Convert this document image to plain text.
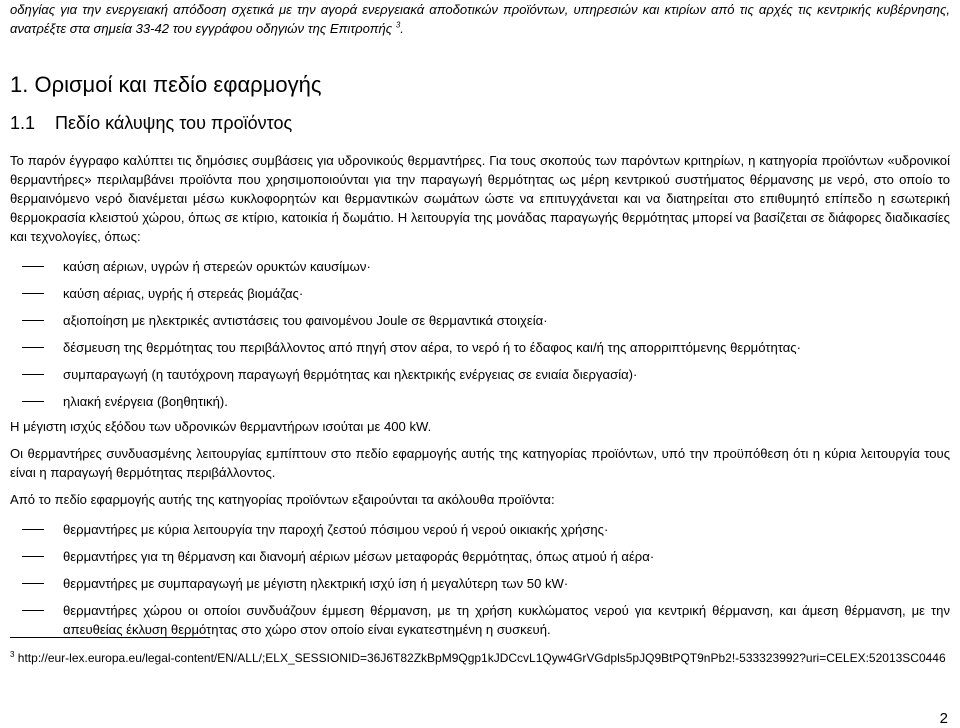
οδηγίας για την ενεργειακή απόδοση σχετικά με την αγορά ενεργειακά αποδοτικών προϊόντων, υπηρεσιών και κτιρίων από τις αρχές τις κεντρικής κυβέρνησης, ανατρέξτε στα σημεία 33-42 του εγγράφου οδηγιών της Επιτροπής $^3$.

1. Ορισμοί και πεδίο εφαρμογής
1.1    Πεδίο κάλυψης του προϊόντος

Το παρόν έγγραφο καλύπτει τις δημόσιες συμβάσεις για υδρονικούς θερμαντήρες. Για τους σκοπούς των παρόντων κριτηρίων, η κατηγορία προϊόντων «υδρονικοί θερμαντήρες» περιλαμβάνει προϊόντα που χρησιμοποιούνται για την παραγωγή θερμότητας ως μέρη κεντρικού συστήματος θέρμανσης με νερό, στο οποίο το θερμαινόμενο νερό διανέμεται μέσω κυκλοφορητών και θερμαντικών σωμάτων ώστε να επιτυγχάνεται και να διατηρείται στο επιθυμητό επίπεδο η εσωτερική θερμοκρασία κλειστού χώρου, όπως σε κτίριο, κατοικία ή δωμάτιο. Η λειτουργία της μονάδας παραγωγής θερμότητας μπορεί να βασίζεται σε διάφορες διαδικασίες και τεχνολογίες, όπως:

καύση αέριων, υγρών ή στερεών ορυκτών καυσίμων·
καύση αέριας, υγρής ή στερεάς βιομάζας·
αξιοποίηση με ηλεκτρικές αντιστάσεις του φαινομένου Joule σε θερμαντικά στοιχεία·
δέσμευση της θερμότητας του περιβάλλοντος από πηγή στον αέρα, το νερό ή το έδαφος και/ή της απορριπτόμενης θερμότητας·
συμπαραγωγή (η ταυτόχρονη παραγωγή θερμότητας και ηλεκτρικής ενέργειας σε ενιαία διεργασία)·
ηλιακή ενέργεια (βοηθητική).

Η μέγιστη ισχύς εξόδου των υδρονικών θερμαντήρων ισούται με 400 kW.

Οι θερμαντήρες συνδυασμένης λειτουργίας εμπίπτουν στο πεδίο εφαρμογής αυτής της κατηγορίας προϊόντων, υπό την προϋπόθεση ότι η κύρια λειτουργία τους είναι η παραγωγή θερμότητας περιβάλλοντος.

Από το πεδίο εφαρμογής αυτής της κατηγορίας προϊόντων εξαιρούνται τα ακόλουθα προϊόντα:

θερμαντήρες με κύρια λειτουργία την παροχή ζεστού πόσιμου νερού ή νερού οικιακής χρήσης·
θερμαντήρες για τη θέρμανση και διανομή αέριων μέσων μεταφοράς θερμότητας, όπως ατμού ή αέρα·
θερμαντήρες με συμπαραγωγή με μέγιστη ηλεκτρική ισχύ ίση ή μεγαλύτερη των 50 kW·
θερμαντήρες χώρου οι οποίοι συνδυάζουν έμμεση θέρμανση, με τη χρήση κυκλώματος νερού για κεντρική θέρμανση, και άμεση θέρμανση, με την απευθείας έκλυση θερμότητας στο χώρο στον οποίο είναι εγκατεστημένη η συσκευή.
$^3$ http://eur-lex.europa.eu/legal-content/EN/ALL/;ELX_SESSIONID=36J6T82ZkBpM9Qgp1kJDCcvL1Qyw4GrVGdpls5pJQ9BtPQT9nPb2!-533323992?uri=CELEX:52013SC0446
2
